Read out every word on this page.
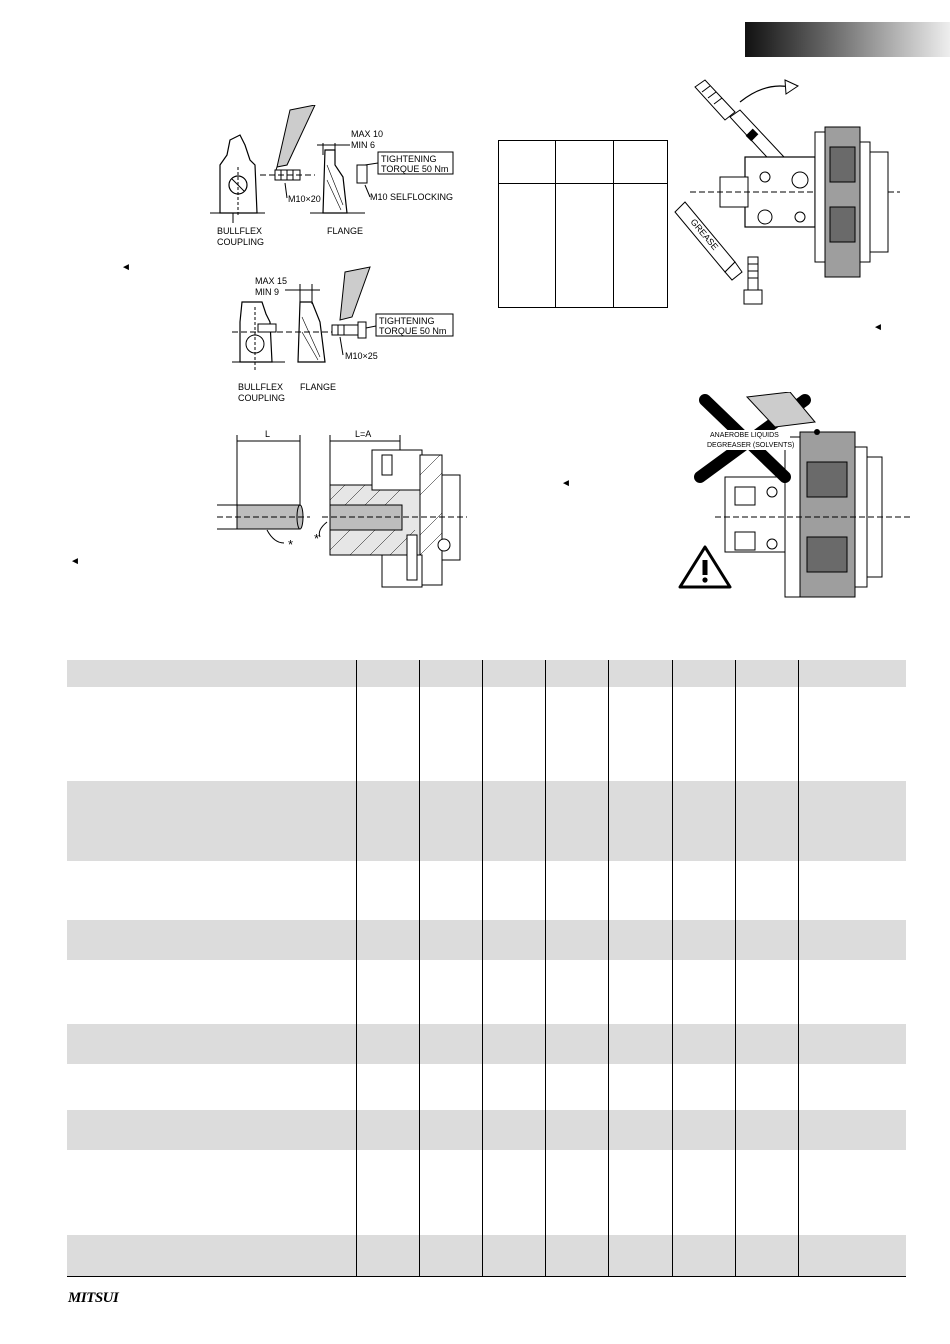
◄
◄
◄
◄
MAX 10
MIN 6
TIGHTENING
TORQUE 50 Nm
M10×20	M10 SELFLOCKING
BULLFLEX
COUPLING
FLANGE
MAX 15
MIN 9
TIGHTENING
TORQUE 50 Nm
M10×25
BULLFLEX
COUPLING
FLANGE
L
*
L=A
*
GREASE
ANAEROBE LIQUIDS
DEGREASER (SOLVENTS)
MITSUI
